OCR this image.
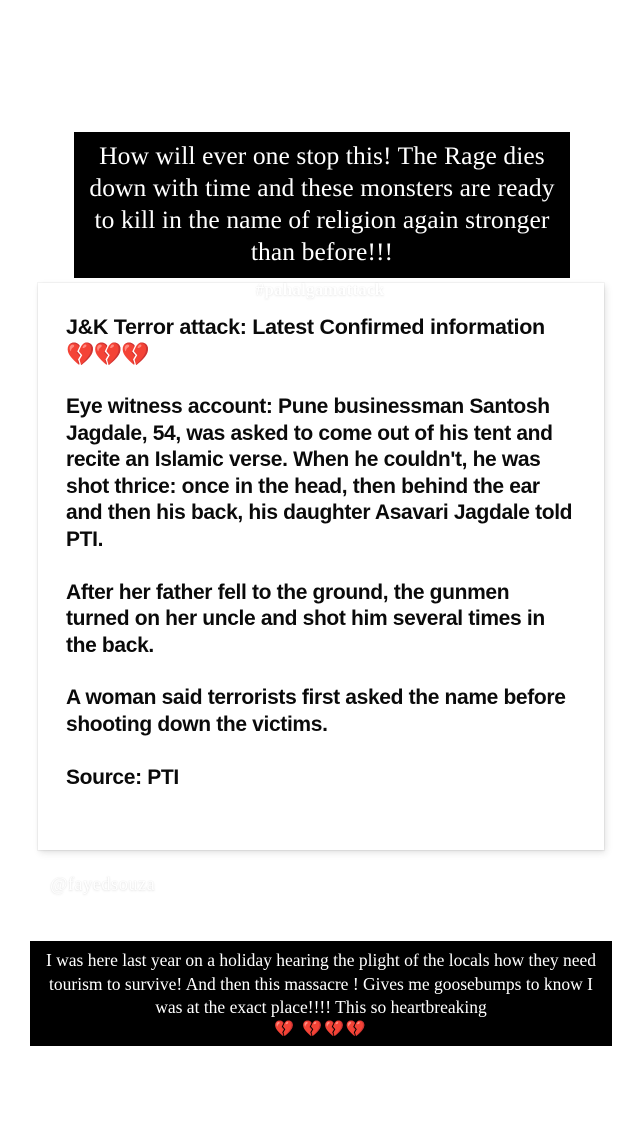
How will ever one stop this! The Rage dies down with time and these monsters are ready to kill in the name of religion again stronger than before!!!
#pahalgamattack
J&K Terror attack: Latest Confirmed information 💔💔💔

Eye witness account: Pune businessman Santosh Jagdale, 54, was asked to come out of his tent and recite an Islamic verse. When he couldn't, he was shot thrice: once in the head, then behind the ear and then his back, his daughter Asavari Jagdale told PTI.

After her father fell to the ground, the gunmen turned on her uncle and shot him several times in the back.

A woman said terrorists first asked the name before shooting down the victims.

Source: PTI

@fayedsouza
I was here last year on a holiday hearing the plight of the locals how they need tourism to survive! And then this massacre ! Gives me goosebumps to know I was at the exact place!!!! This so heartbreaking
💔 💔💔💔
